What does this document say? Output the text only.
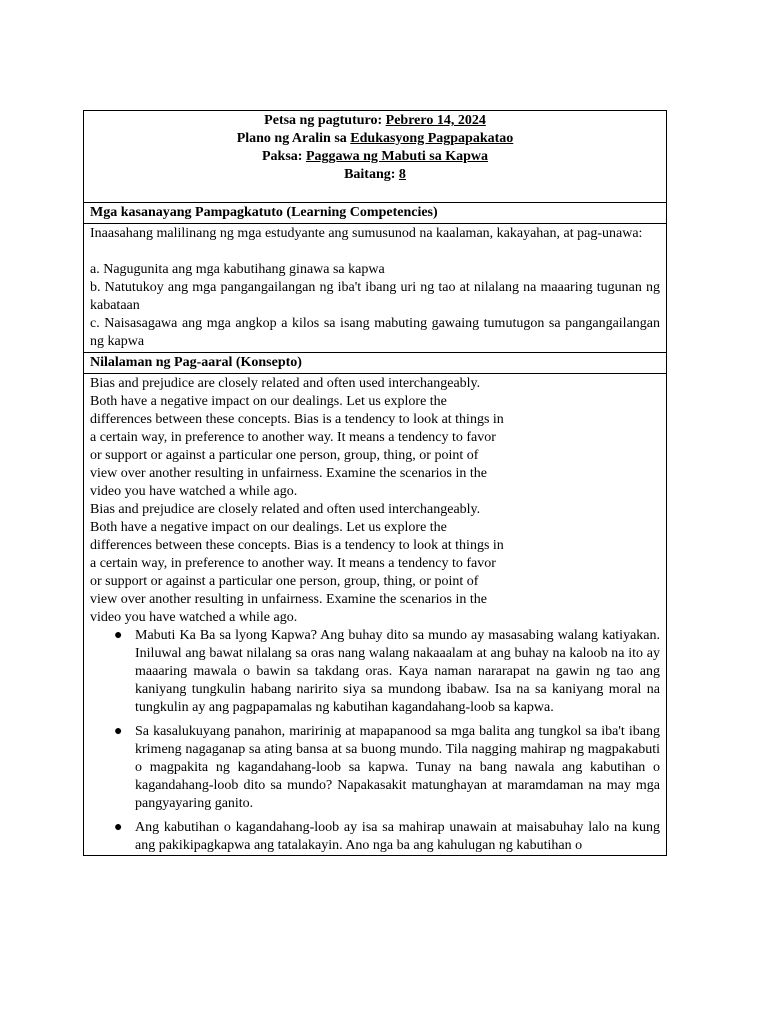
Petsa ng pagtuturo: Pebrero 14, 2024
Plano ng Aralin sa Edukasyong Pagpapakatao
Paksa: Paggawa ng Mabuti sa Kapwa
Baitang: 8
Mga kasanayang Pampagkatuto (Learning Competencies)
Inaasahang malilinang ng mga estudyante ang sumusunod na kaalaman, kakayahan, at pag-unawa:
a. Nagugunita ang mga kabutihang ginawa sa kapwa
b. Natutukoy ang mga pangangailangan ng iba't ibang uri ng tao at nilalang na maaaring tugunan ng kabataan
c. Naisasagawa ang mga angkop a kilos sa isang mabuting gawaing tumutugon sa pangangailangan ng kapwa
Nilalaman ng Pag-aaral (Konsepto)
Bias and prejudice are closely related and often used interchangeably. Both have a negative impact on our dealings. Let us explore the differences between these concepts. Bias is a tendency to look at things in a certain way, in preference to another way. It means a tendency to favor or support or against a particular one person, group, thing, or point of view over another resulting in unfairness. Examine the scenarios in the video you have watched a while ago.
Bias and prejudice are closely related and often used interchangeably. Both have a negative impact on our dealings. Let us explore the differences between these concepts. Bias is a tendency to look at things in a certain way, in preference to another way. It means a tendency to favor or support or against a particular one person, group, thing, or point of view over another resulting in unfairness. Examine the scenarios in the video you have watched a while ago.
● Mabuti Ka Ba sa lyong Kapwa? Ang buhay dito sa mundo ay masasabing walang katiyakan. Iniluwal ang bawat nilalang sa oras nang walang nakaaalam at ang buhay na kaloob na ito ay maaaring mawala o bawin sa takdang oras. Kaya naman nararapat na gawin ng tao ang kaniyang tungkulin habang naririto siya sa mundong ibabaw. Isa na sa kaniyang moral na tungkulin ay ang pagpapamalas ng kabutihan kagandahang-loob sa kapwa.
● Sa kasalukuyang panahon, maririnig at mapapanood sa mga balita ang tungkol sa iba't ibang krimeng nagaganap sa ating bansa at sa buong mundo. Tila nagging mahirap ng magpakabuti o magpakita ng kagandahang-loob sa kapwa. Tunay na bang nawala ang kabutihan o kagandahang-loob dito sa mundo? Napakasakit matunghayan at maramdaman na may mga pangyayaring ganito.
● Ang kabutihan o kagandahang-loob ay isa sa mahirap unawain at maisabuhay lalo na kung ang pakikipagkapwa ang tatalakayin. Ano nga ba ang kahulugan ng kabutihan o
